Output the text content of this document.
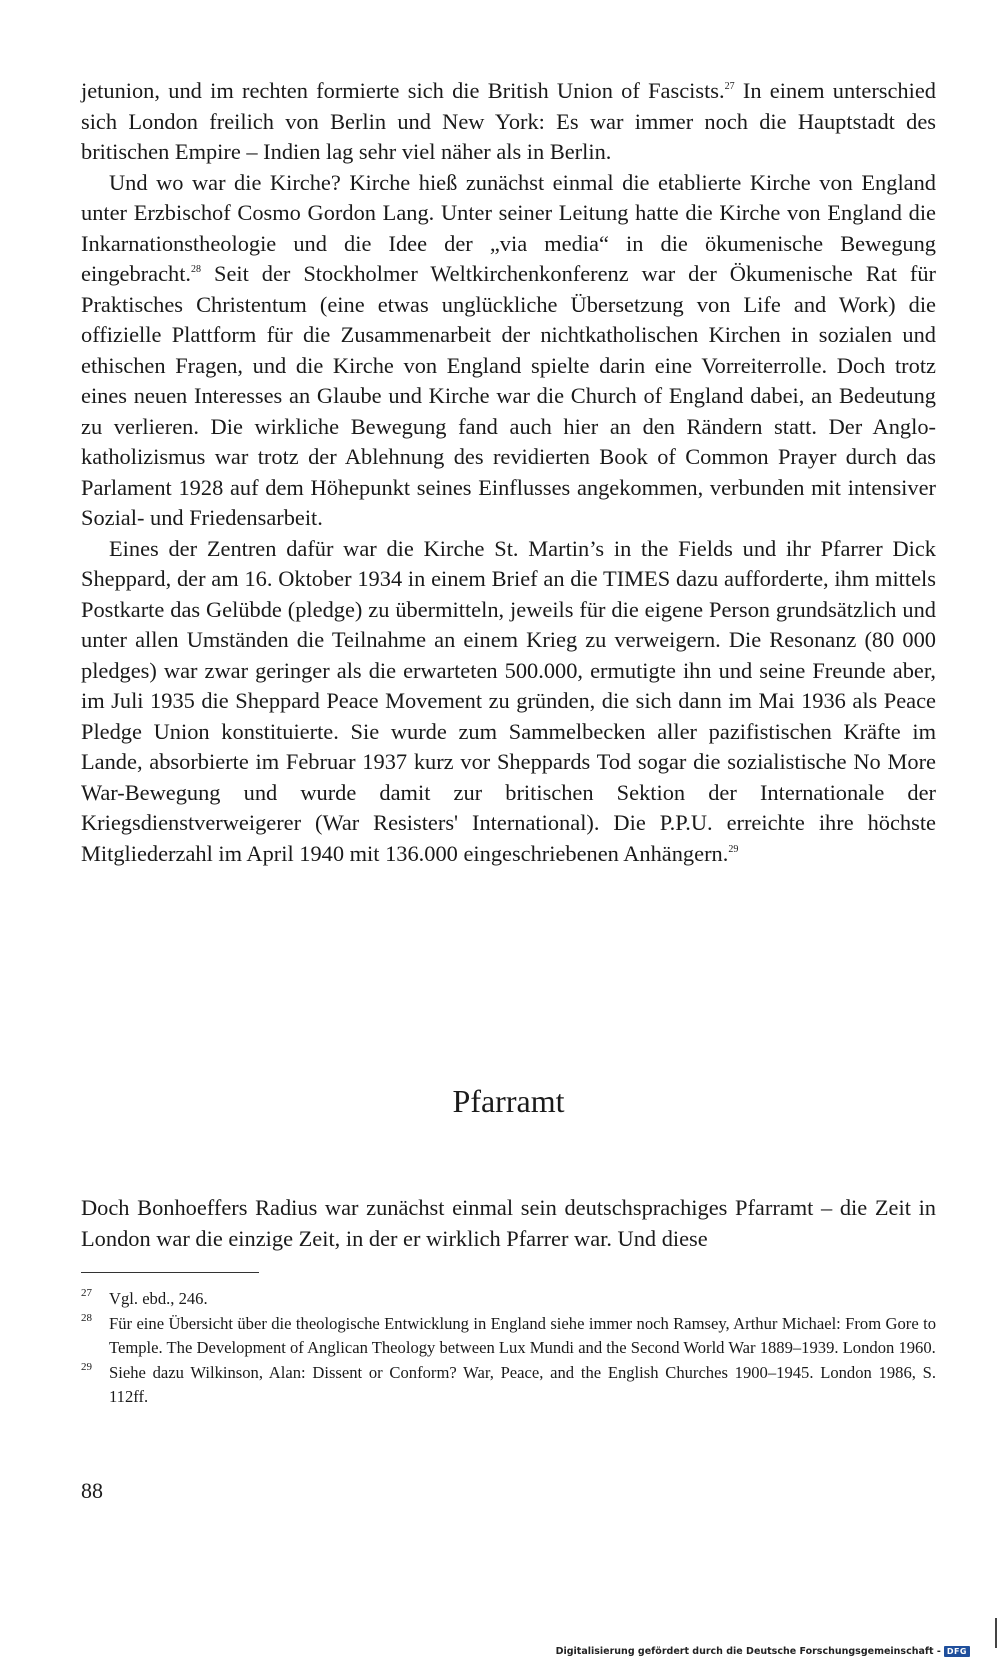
jetunion, und im rechten formierte sich die British Union of Fascists.$^{27}$ In einem unterschied sich London freilich von Berlin und New York: Es war immer noch die Hauptstadt des britischen Empire – Indien lag sehr viel näher als in Berlin.

Und wo war die Kirche? Kirche hieß zunächst einmal die etablierte Kirche von England unter Erzbischof Cosmo Gordon Lang. Unter seiner Leitung hatte die Kirche von England die Inkarnationstheologie und die Idee der „via media“ in die ökumenische Bewegung eingebracht.$^{28}$ Seit der Stockholmer Weltkirchenkonferenz war der Ökumenische Rat für Praktisches Christentum (eine etwas unglückliche Übersetzung von Life and Work) die offizielle Plattform für die Zusammenarbeit der nichtkatholischen Kirchen in sozialen und ethischen Fragen, und die Kirche von England spielte darin eine Vorreiterrolle. Doch trotz eines neuen Interesses an Glaube und Kirche war die Church of England dabei, an Bedeutung zu verlieren. Die wirkliche Bewegung fand auch hier an den Rändern statt. Der Anglokatholizismus war trotz der Ablehnung des revidierten Book of Common Prayer durch das Parlament 1928 auf dem Höhepunkt seines Einflusses angekommen, verbunden mit intensiver Sozial- und Friedensarbeit.

Eines der Zentren dafür war die Kirche St. Martin’s in the Fields und ihr Pfarrer Dick Sheppard, der am 16. Oktober 1934 in einem Brief an die TIMES dazu aufforderte, ihm mittels Postkarte das Gelübde (pledge) zu übermitteln, jeweils für die eigene Person grundsätzlich und unter allen Umständen die Teilnahme an einem Krieg zu verweigern. Die Resonanz (80 000 pledges) war zwar geringer als die erwarteten 500.000, ermutigte ihn und seine Freunde aber, im Juli 1935 die Sheppard Peace Movement zu gründen, die sich dann im Mai 1936 als Peace Pledge Union konstituierte. Sie wurde zum Sammelbecken aller pazifistischen Kräfte im Lande, absorbierte im Februar 1937 kurz vor Sheppards Tod sogar die sozialistische No More War-Bewegung und wurde damit zur britischen Sektion der Internationale der Kriegsdienstverweigerer (War Resisters' International). Die P.P.U. erreichte ihre höchste Mitgliederzahl im April 1940 mit 136.000 eingeschriebenen Anhängern.$^{29}$

Pfarramt

Doch Bonhoeffers Radius war zunächst einmal sein deutschsprachiges Pfarramt – die Zeit in London war die einzige Zeit, in der er wirklich Pfarrer war. Und diese

27	Vgl. ebd., 246.
28	Für eine Übersicht über die theologische Entwicklung in England siehe immer noch Ramsey, Arthur Michael: From Gore to Temple. The Development of Anglican Theology between Lux Mundi and the Second World War 1889–1939. London 1960.
29	Siehe dazu Wilkinson, Alan: Dissent or Conform? War, Peace, and the English Churches 1900–1945. London 1986, S. 112ff.
88
Digitalisierung gefördert durch die Deutsche Forschungsgemeinschaft - DFG
